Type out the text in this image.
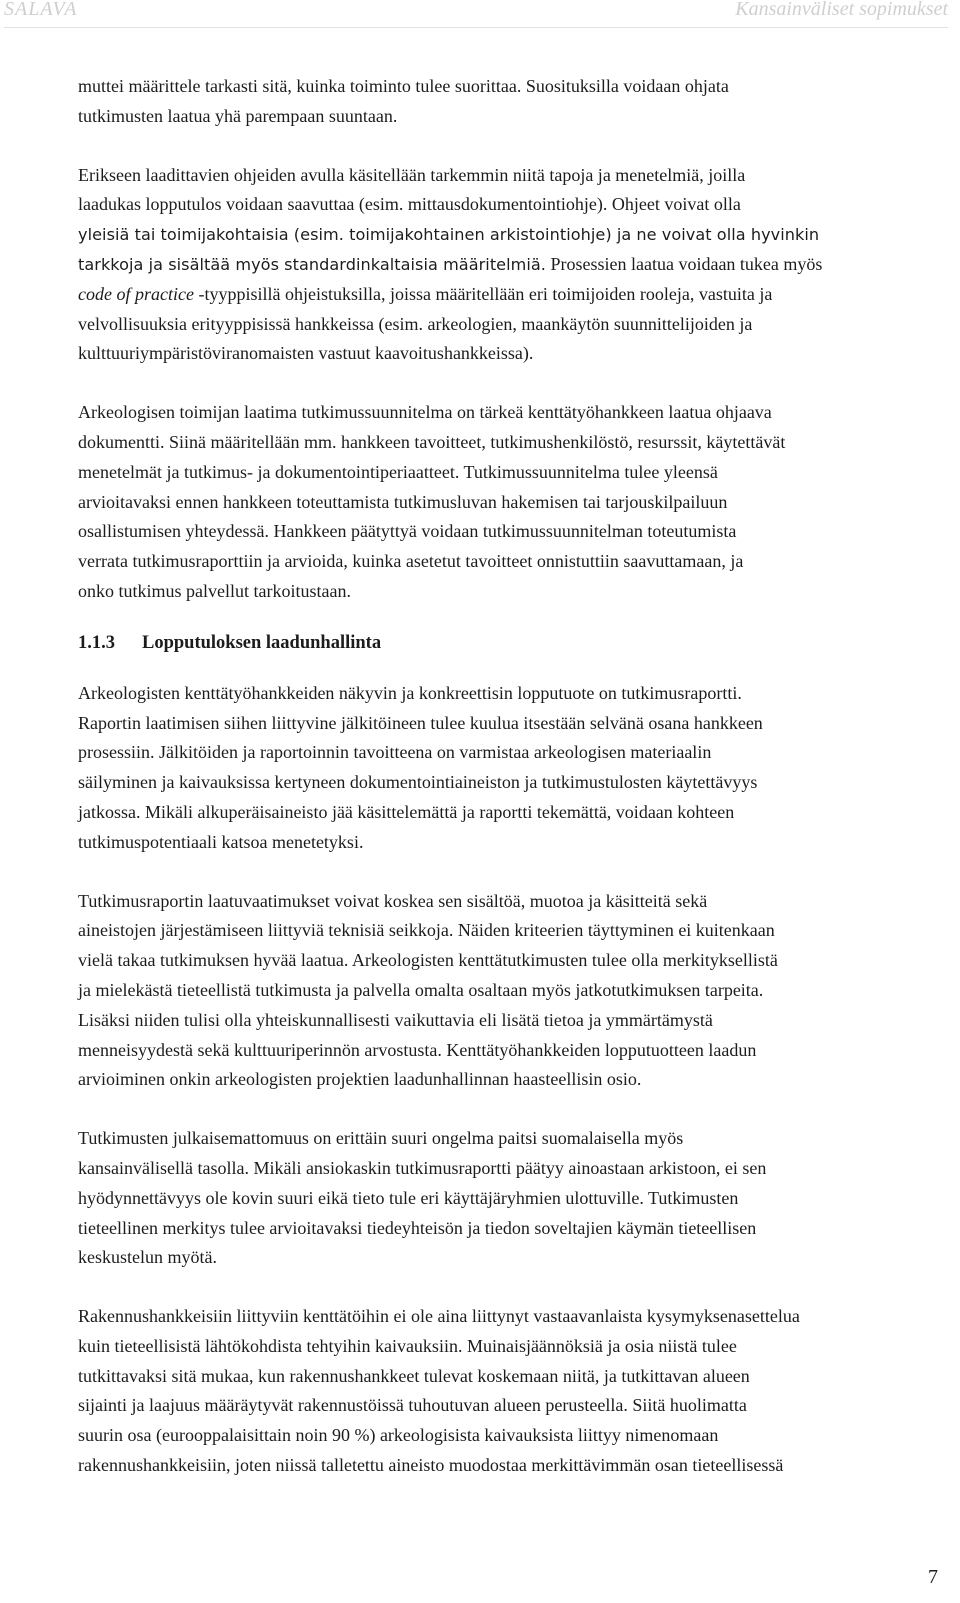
SALAVA	Kansainväliset sopimukset

muttei määrittele tarkasti sitä, kuinka toiminto tulee suorittaa. Suosituksilla voidaan ohjata
tutkimusten laatua yhä parempaan suuntaan.

Erikseen laadittavien ohjeiden avulla käsitellään tarkemmin niitä tapoja ja menetelmiä, joilla
laadukas lopputulos voidaan saavuttaa (esim. mittausdokumentointiohje). Ohjeet voivat olla
yleisiä tai toimijakohtaisia (esim. toimijakohtainen arkistointiohje) ja ne voivat olla hyvinkin
tarkkoja ja sisältää myös standardinkaltaisia määritelmiä. Prosessien laatua voidaan tukea myös
code of practice -tyyppisillä ohjeistuksilla, joissa määritellään eri toimijoiden rooleja, vastuita ja
velvollisuuksia erityyppisissä hankkeissa (esim. arkeologien, maankäytön suunnittelijoiden ja
kulttuuriympäristöviranomaisten vastuut kaavoitushankkeissa).

Arkeologisen toimijan laatima tutkimussuunnitelma on tärkeä kenttätyöhankkeen laatua ohjaava
dokumentti. Siinä määritellään mm. hankkeen tavoitteet, tutkimushenkilöstö, resurssit, käytettävät
menetelmät ja tutkimus- ja dokumentointiperiaatteet. Tutkimussuunnitelma tulee yleensä
arvioitavaksi ennen hankkeen toteuttamista tutkimusluvan hakemisen tai tarjouskilpailuun
osallistumisen yhteydessä. Hankkeen päätyttyä voidaan tutkimussuunnitelman toteutumista
verrata tutkimusraporttiin ja arvioida, kuinka asetetut tavoitteet onnistuttiin saavuttamaan, ja
onko tutkimus palvellut tarkoitustaan.

1.1.3 Lopputuloksen laadunhallinta

Arkeologisten kenttätyöhankkeiden näkyvin ja konkreettisin lopputuote on tutkimusraportti.
Raportin laatimisen siihen liittyvine jälkitöineen tulee kuulua itsestään selvänä osana hankkeen
prosessiin. Jälkitöiden ja raportoinnin tavoitteena on varmistaa arkeologisen materiaalin
säilyminen ja kaivauksissa kertyneen dokumentointiaineiston ja tutkimustulosten käytettävyys
jatkossa. Mikäli alkuperäisaineisto jää käsittelemättä ja raportti tekemättä, voidaan kohteen
tutkimuspotentiaali katsoa menetetyksi.

Tutkimusraportin laatuvaatimukset voivat koskea sen sisältöä, muotoa ja käsitteitä sekä
aineistojen järjestämiseen liittyviä teknisiä seikkoja. Näiden kriteerien täyttyminen ei kuitenkaan
vielä takaa tutkimuksen hyvää laatua. Arkeologisten kenttätutkimusten tulee olla merkityksellistä
ja mielekästä tieteellistä tutkimusta ja palvella omalta osaltaan myös jatkotutkimuksen tarpeita.
Lisäksi niiden tulisi olla yhteiskunnallisesti vaikuttavia eli lisätä tietoa ja ymmärtämystä
menneisyydestä sekä kulttuuriperinnön arvostusta. Kenttätyöhankkeiden lopputuotteen laadun
arvioiminen onkin arkeologisten projektien laadunhallinnan haasteellisin osio.

Tutkimusten julkaisemattomuus on erittäin suuri ongelma paitsi suomalaisella myös
kansainvälisellä tasolla. Mikäli ansiokaskin tutkimusraportti päätyy ainoastaan arkistoon, ei sen
hyödynnettävyys ole kovin suuri eikä tieto tule eri käyttäjäryhmien ulottuville. Tutkimusten
tieteellinen merkitys tulee arvioitavaksi tiedeyhteisön ja tiedon soveltajien käymän tieteellisen
keskustelun myötä.

Rakennushankkeisiin liittyviin kenttätöihin ei ole aina liittynyt vastaavanlaista kysymyksenasettelua
kuin tieteellisistä lähtökohdista tehtyihin kaivauksiin. Muinaisjäännöksiä ja osia niistä tulee
tutkittavaksi sitä mukaa, kun rakennushankkeet tulevat koskemaan niitä, ja tutkittavan alueen
sijainti ja laajuus määräytyvät rakennustöissä tuhoutuvan alueen perusteella. Siitä huolimatta
suurin osa (eurooppalaisittain noin 90 %) arkeologisista kaivauksista liittyy nimenomaan
rakennushankkeisiin, joten niissä talletettu aineisto muodostaa merkittävimmän osan tieteellisessä

7
